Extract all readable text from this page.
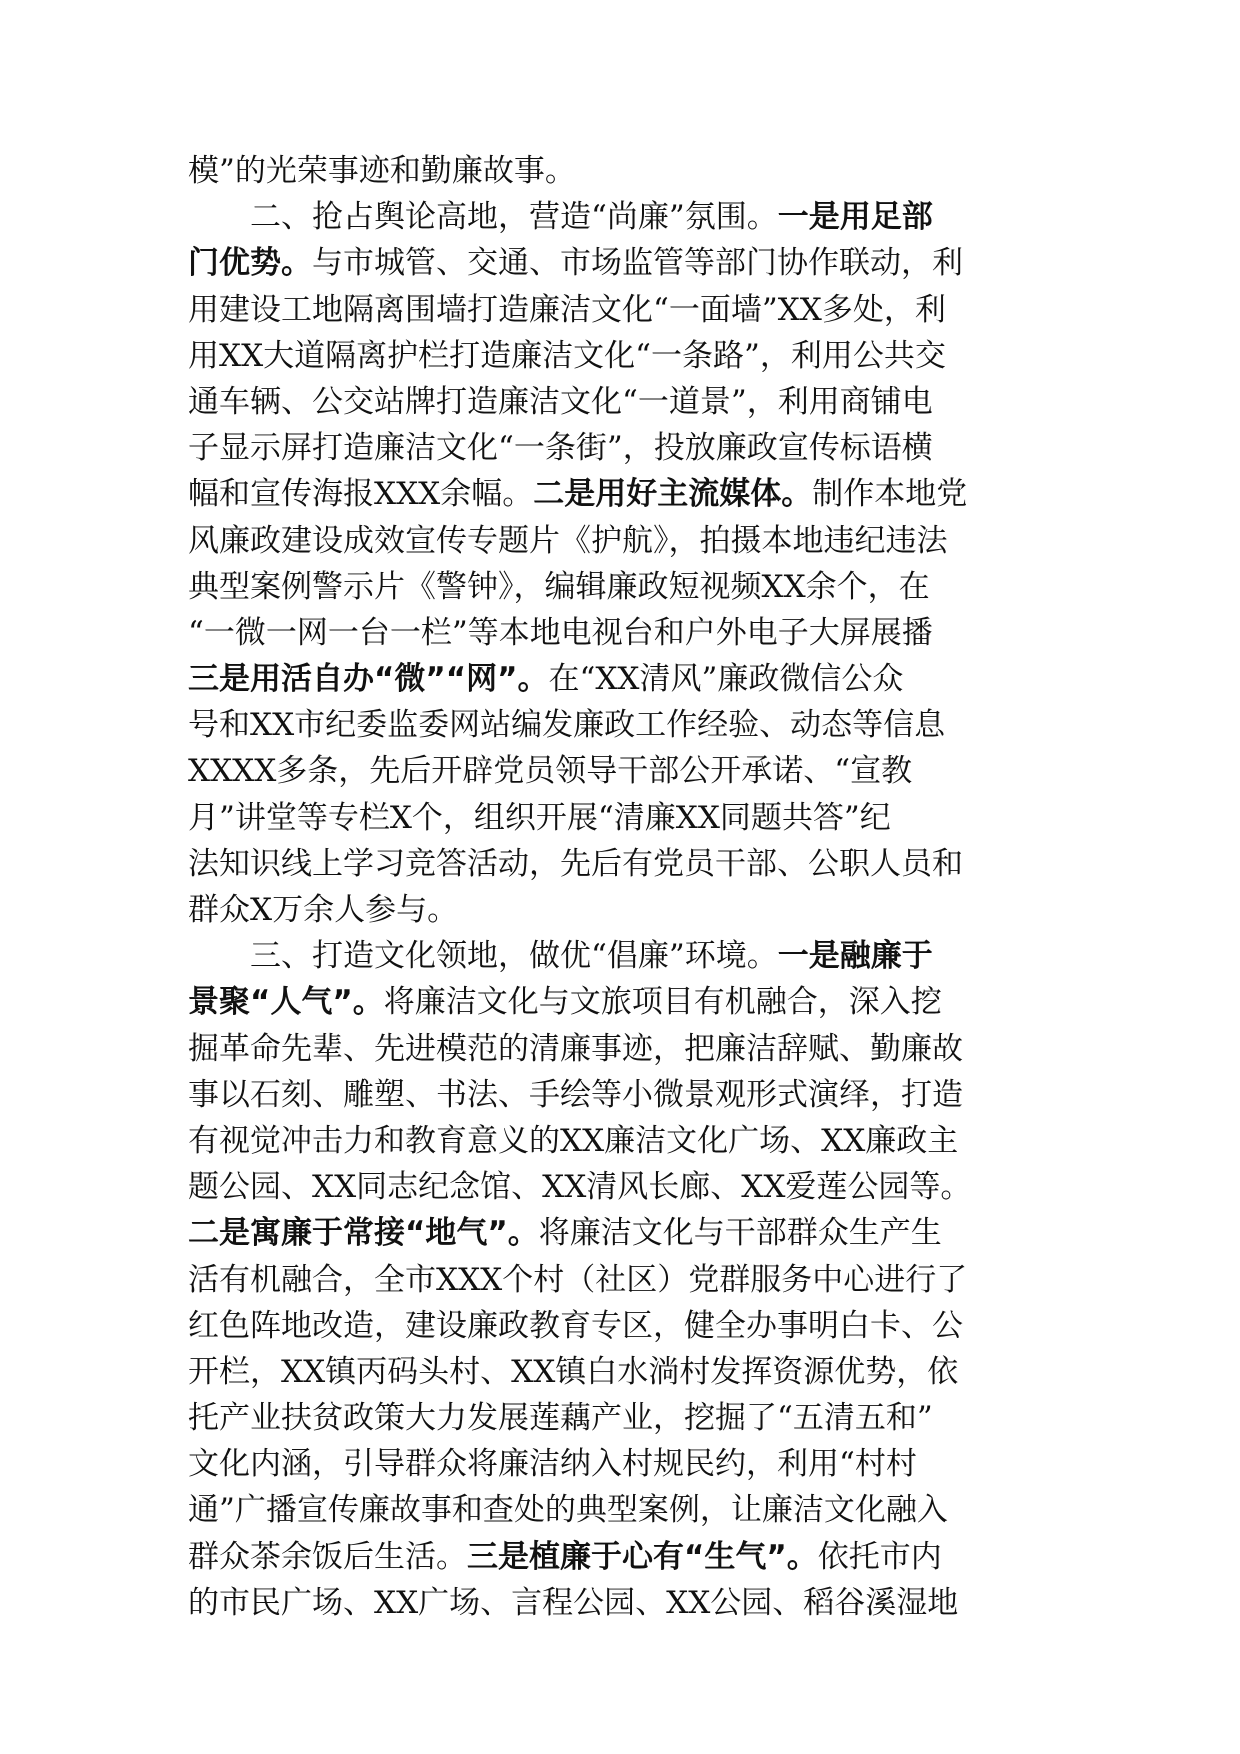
模”的光荣事迹和勤廉故事。
二、抢占舆论高地，营造“尚廉”氛围。一是用足部
门优势。与市城管、交通、市场监管等部门协作联动，利
用建设工地隔离围墙打造廉洁文化“一面墙”XX多处，利
用XX大道隔离护栏打造廉洁文化“一条路”，利用公共交
通车辆、公交站牌打造廉洁文化“一道景”，利用商铺电
子显示屏打造廉洁文化“一条街”，投放廉政宣传标语横
幅和宣传海报XXX余幅。二是用好主流媒体。制作本地党
风廉政建设成效宣传专题片《护航》，拍摄本地违纪违法
典型案例警示片《警钟》，编辑廉政短视频XX余个，在
“一微一网一台一栏”等本地电视台和户外电子大屏展播
三是用活自办“微”“网”。在“XX清风”廉政微信公众
号和XX市纪委监委网站编发廉政工作经验、动态等信息
XXXX多条，先后开辟党员领导干部公开承诺、“宣教
月”讲堂等专栏X个，组织开展“清廉XX同题共答”纪
法知识线上学习竞答活动，先后有党员干部、公职人员和
群众X万余人参与。
三、打造文化领地，做优“倡廉”环境。一是融廉于
景聚“人气”。将廉洁文化与文旅项目有机融合，深入挖
掘革命先辈、先进模范的清廉事迹，把廉洁辞赋、勤廉故
事以石刻、雕塑、书法、手绘等小微景观形式演绎，打造
有视觉冲击力和教育意义的XX廉洁文化广场、XX廉政主
题公园、XX同志纪念馆、XX清风长廊、XX爱莲公园等。
二是寓廉于常接“地气”。将廉洁文化与干部群众生产生
活有机融合，全市XXX个村（社区）党群服务中心进行了
红色阵地改造，建设廉政教育专区，健全办事明白卡、公
开栏，XX镇丙码头村、XX镇白水淌村发挥资源优势，依
托产业扶贫政策大力发展莲藕产业，挖掘了“五清五和”
文化内涵，引导群众将廉洁纳入村规民约，利用“村村
通”广播宣传廉故事和查处的典型案例，让廉洁文化融入
群众茶余饭后生活。三是植廉于心有“生气”。依托市内
的市民广场、XX广场、言程公园、XX公园、稻谷溪湿地
